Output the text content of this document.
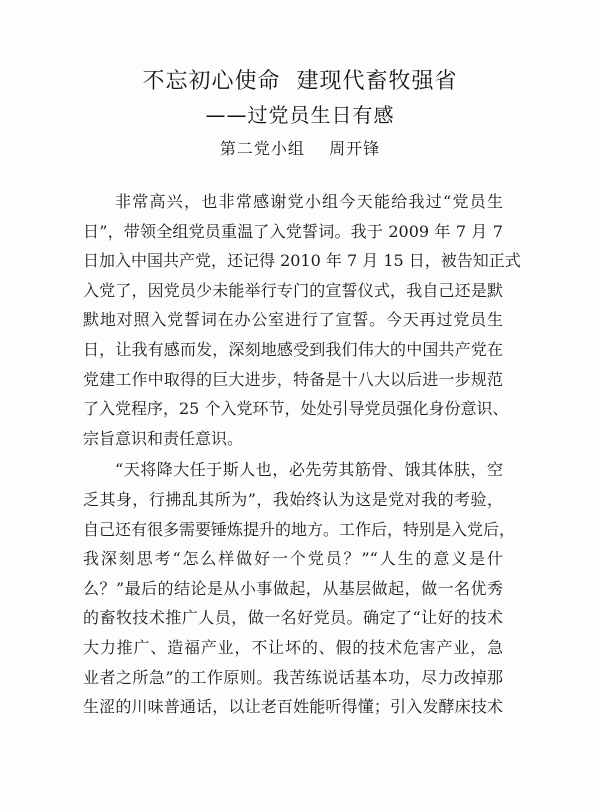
不忘初心使命  建现代畜牧强省
——过党员生日有感
第二党小组    周开锋
非常高兴，也非常感谢党小组今天能给我过“党员生
日”，带领全组党员重温了入党誓词。我于 2009 年 7 月 7
日加入中国共产党，还记得 2010 年 7 月 15 日，被告知正式
入党了，因党员少未能举行专门的宣誓仪式，我自己还是默
默地对照入党誓词在办公室进行了宣誓。今天再过党员生
日，让我有感而发，深刻地感受到我们伟大的中国共产党在
党建工作中取得的巨大进步，特备是十八大以后进一步规范
了入党程序，25 个入党环节，处处引导党员强化身份意识、
宗旨意识和责任意识。
“天将降大任于斯人也，必先劳其筋骨、饿其体肤，空
乏其身，行拂乱其所为”，我始终认为这是党对我的考验，
自己还有很多需要锤炼提升的地方。工作后，特别是入党后，
我深刻思考“怎么样做好一个党员？”“人生的意义是什
么？”最后的结论是从小事做起，从基层做起，做一名优秀
的畜牧技术推广人员，做一名好党员。确定了“让好的技术
大力推广、造福产业，不让坏的、假的技术危害产业，急
业者之所急”的工作原则。我苦练说话基本功，尽力改掉那
生涩的川味普通话，以让老百姓能听得懂；引入发酵床技术
